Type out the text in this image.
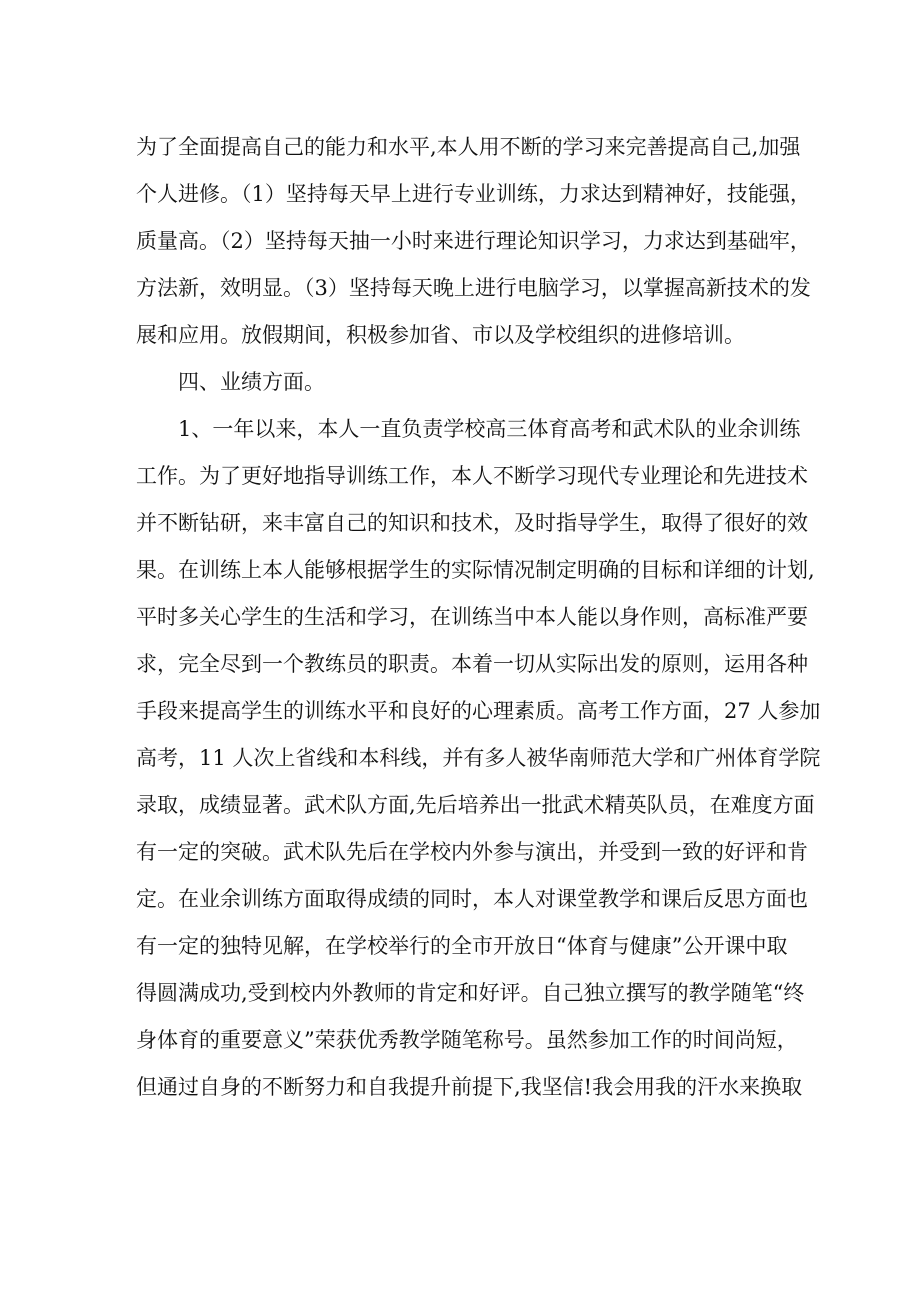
为了全面提高自己的能力和水平,本人用不断的学习来完善提高自己,加强
个人进修。（1）坚持每天早上进行专业训练，力求达到精神好，技能强，
质量高。（2）坚持每天抽一小时来进行理论知识学习，力求达到基础牢，
方法新，效明显。（3）坚持每天晚上进行电脑学习，以掌握高新技术的发
展和应用。放假期间，积极参加省、市以及学校组织的进修培训。
四、业绩方面。
1、一年以来，本人一直负责学校高三体育高考和武术队的业余训练
工作。为了更好地指导训练工作，本人不断学习现代专业理论和先进技术
并不断钻研，来丰富自己的知识和技术，及时指导学生，取得了很好的效
果。在训练上本人能够根据学生的实际情况制定明确的目标和详细的计划,
平时多关心学生的生活和学习，在训练当中本人能以身作则，高标准严要
求，完全尽到一个教练员的职责。本着一切从实际出发的原则，运用各种
手段来提高学生的训练水平和良好的心理素质。高考工作方面，27 人参加
高考，11 人次上省线和本科线，并有多人被华南师范大学和广州体育学院
录取，成绩显著。武术队方面,先后培养出一批武术精英队员，在难度方面
有一定的突破。武术队先后在学校内外参与演出，并受到一致的好评和肯
定。在业余训练方面取得成绩的同时，本人对课堂教学和课后反思方面也
有一定的独特见解，在学校举行的全市开放日“体育与健康”公开课中取
得圆满成功,受到校内外教师的肯定和好评。自己独立撰写的教学随笔“终
身体育的重要意义”荣获优秀教学随笔称号。虽然参加工作的时间尚短，
但通过自身的不断努力和自我提升前提下,我坚信!我会用我的汗水来换取
